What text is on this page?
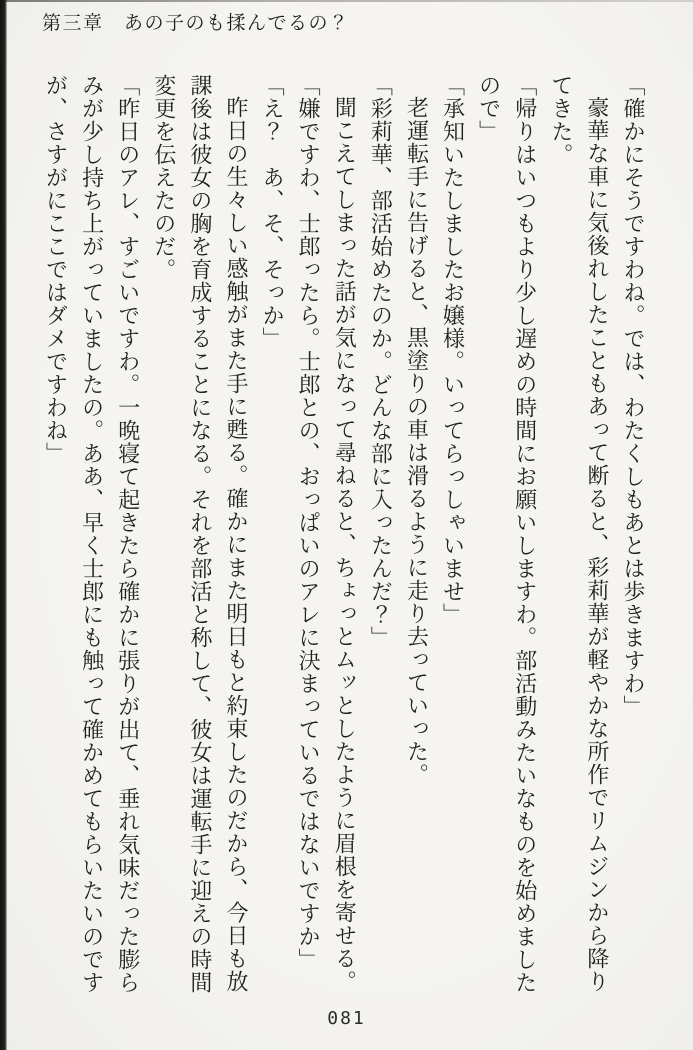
第三章　あの子のも揉んでるの？

「確かにそうですわね。では、わたくしもあとは歩きますわ」

豪華な車に気後れしたこともあって断ると、彩莉華が軽やかな所作でリムジンから降り

てきた。

「帰りはいつもより少し遅めの時間にお願いしますわ。部活動みたいなものを始めました

ので」

「承知いたしましたお嬢様。いってらっしゃいませ」

老運転手に告げると、黒塗りの車は滑るように走り去っていった。

「彩莉華、部活始めたのか。どんな部に入ったんだ？」

聞こえてしまった話が気になって尋ねると、ちょっとムッとしたように眉根を寄せる。

「嫌ですわ、士郎ったら。士郎との、おっぱいのアレに決まっているではないですか」

「え？　あ、そ、そっか」

昨日の生々しい感触がまた手に甦る。確かにまた明日もと約束したのだから、今日も放

課後は彼女の胸を育成することになる。それを部活と称して、彼女は運転手に迎えの時間

変更を伝えたのだ。

「昨日のアレ、すごいですわ。一晩寝て起きたら確かに張りが出て、垂れ気味だった膨ら

みが少し持ち上がっていましたの。ああ、早く士郎にも触って確かめてもらいたいのです

が、さすがにここではダメですわね」

081
